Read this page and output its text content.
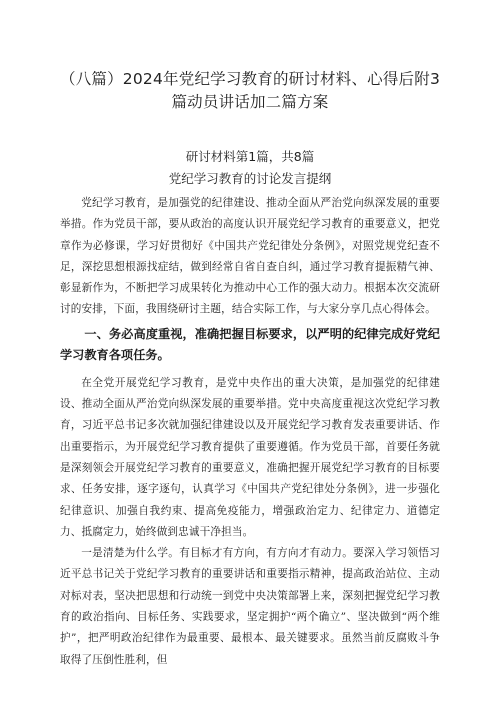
（八篇）2024年党纪学习教育的研讨材料、心得后附3
篇动员讲话加二篇方案
研讨材料第1篇，共8篇
党纪学习教育的讨论发言提纲

党纪学习教育，是加强党的纪律建设、推动全面从严治党向纵深发展的重要举措。作为党员干部，要从政治的高度认识开展党纪学习教育的重要意义，把党章作为必修课，学习好贯彻好《中国共产党纪律处分条例》，对照党规党纪查不足，深挖思想根源找症结，做到经常自省自查自纠，通过学习教育提振精气神、彰显新作为，不断把学习成果转化为推动中心工作的强大动力。根据本次交流研讨的安排，下面，我围绕研讨主题，结合实际工作，与大家分享几点心得体会。

一、务必高度重视，准确把握目标要求，以严明的纪律完成好党纪学习教育各项任务。

在全党开展党纪学习教育，是党中央作出的重大决策，是加强党的纪律建设、推动全面从严治党向纵深发展的重要举措。党中央高度重视这次党纪学习教育，习近平总书记多次就加强纪律建设以及开展党纪学习教育发表重要讲话、作出重要指示，为开展党纪学习教育提供了重要遵循。作为党员干部，首要任务就是深刻领会开展党纪学习教育的重要意义，准确把握开展党纪学习教育的目标要求、任务安排，逐字逐句，认真学习《中国共产党纪律处分条例》，进一步强化纪律意识、加强自我约束、提高免疫能力，增强政治定力、纪律定力、道德定力、抵腐定力，始终做到忠诚干净担当。

一是清楚为什么学。有目标才有方向，有方向才有动力。要深入学习领悟习近平总书记关于党纪学习教育的重要讲话和重要指示精神，提高政治站位、主动对标对表，坚决把思想和行动统一到党中央决策部署上来，深刻把握党纪学习教育的政治指向、目标任务、实践要求，坚定拥护“两个确立”、坚决做到“两个维护”，把严明政治纪律作为最重要、最根本、最关键要求。虽然当前反腐败斗争取得了压倒性胜利，但
